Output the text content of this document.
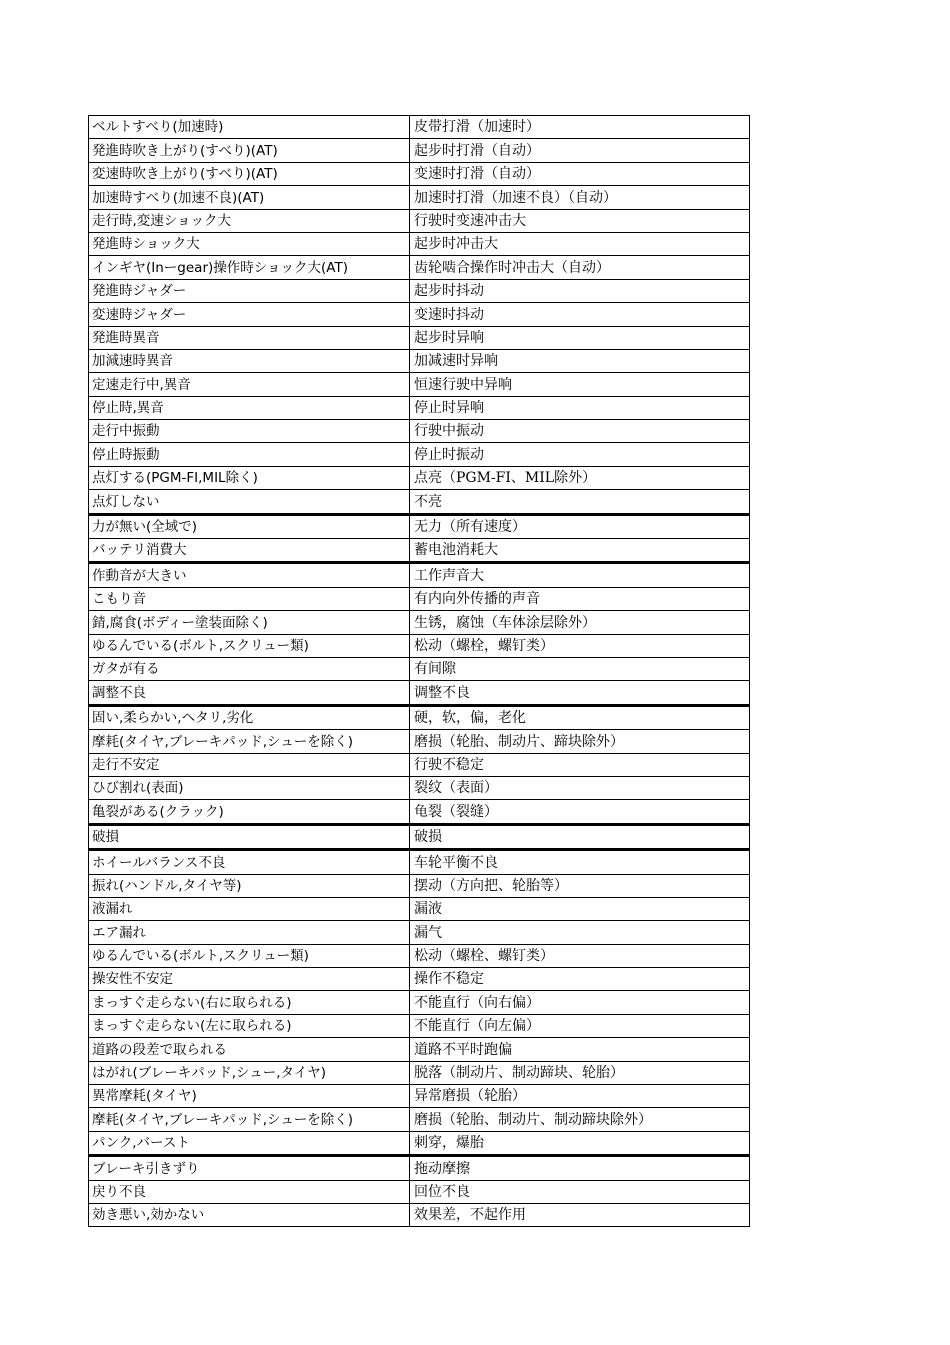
ベルトすべり(加速時)	皮带打滑（加速时）
発進時吹き上がり(すべり)(AT)	起步时打滑（自动）
変速時吹き上がり(すべり)(AT)	变速时打滑（自动）
加速時すべり(加速不良)(AT)	加速时打滑（加速不良）（自动）
走行時,変速ショック大	行驶时变速冲击大
発進時ショック大	起步时冲击大
インギヤ(Inーgear)操作時ショック大(AT)	齿轮啮合操作时冲击大（自动）
発進時ジャダー	起步时抖动
変速時ジャダー	变速时抖动
発進時異音	起步时异响
加減速時異音	加减速时异响
定速走行中,異音	恒速行驶中异响
停止時,異音	停止时异响
走行中振動	行驶中振动
停止時振動	停止时振动
点灯する(PGM-FI,MIL除く)	点亮（PGM-FI、MIL除外）
点灯しない	不亮
力が無い(全域で)	无力（所有速度）
バッテリ消費大	蓄电池消耗大
作動音が大きい	工作声音大
こもり音	有内向外传播的声音
錆,腐食(ボディー塗装面除く)	生锈，腐蚀（车体涂层除外）
ゆるんでいる(ボルト,スクリュー類)	松动（螺栓，螺钉类）
ガタが有る	有间隙
調整不良	调整不良
固い,柔らかい,ヘタリ,劣化	硬，软，偏，老化
摩耗(タイヤ,ブレーキパッド,シューを除く)	磨损（轮胎、制动片、蹄块除外）
走行不安定	行驶不稳定
ひび割れ(表面)	裂纹（表面）
亀裂がある(クラック)	龟裂（裂缝）
破損	破损
ホイールバランス不良	车轮平衡不良
振れ(ハンドル,タイヤ等)	摆动（方向把、轮胎等）
液漏れ	漏液
エア漏れ	漏气
ゆるんでいる(ボルト,スクリュー類)	松动（螺栓、螺钉类）
操安性不安定	操作不稳定
まっすぐ走らない(右に取られる)	不能直行（向右偏）
まっすぐ走らない(左に取られる)	不能直行（向左偏）
道路の段差で取られる	道路不平时跑偏
はがれ(ブレーキパッド,シュー,タイヤ)	脱落（制动片、制动蹄块、轮胎）
異常摩耗(タイヤ)	异常磨损（轮胎）
摩耗(タイヤ,ブレーキパッド,シューを除く)	磨损（轮胎、制动片、制动蹄块除外）
パンク,バースト	刺穿，爆胎
ブレーキ引きずり	拖动摩擦
戻り不良	回位不良
効き悪い,効かない	效果差，不起作用
